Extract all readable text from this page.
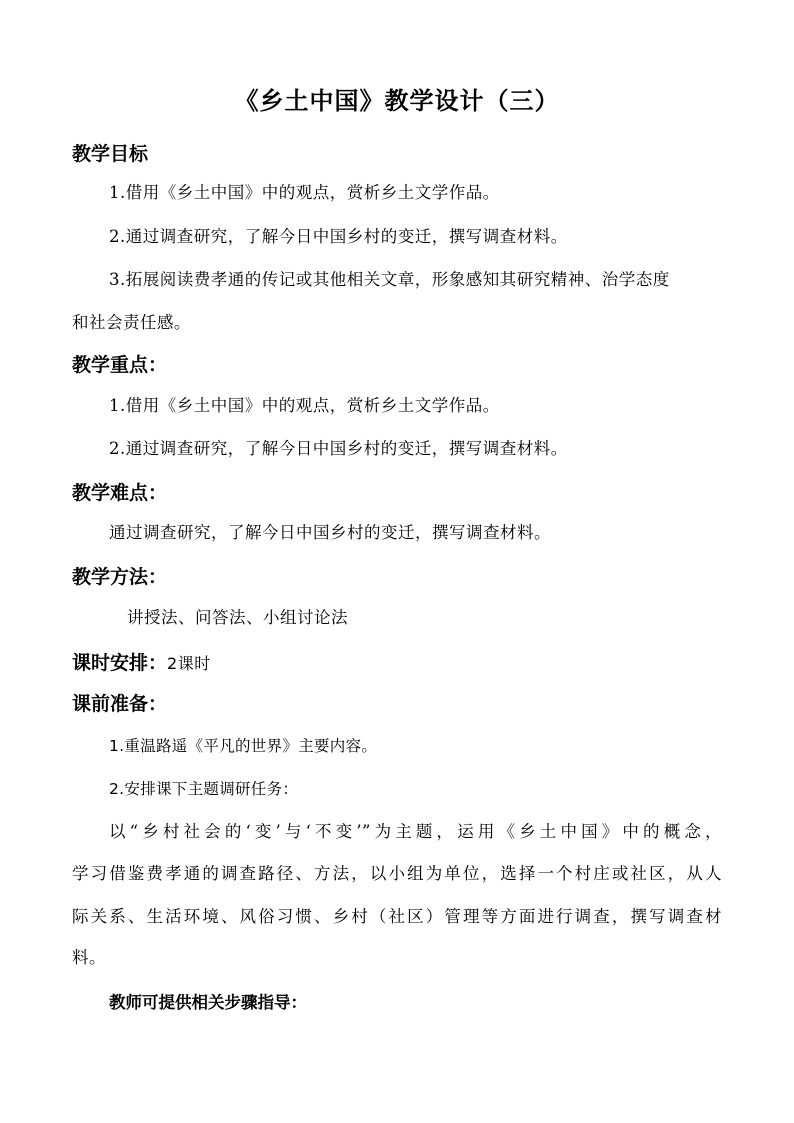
《乡土中国》教学设计（三）
教学目标
1.借用《乡土中国》中的观点，赏析乡土文学作品。
2.通过调查研究，了解今日中国乡村的变迁，撰写调查材料。
3.拓展阅读费孝通的传记或其他相关文章，形象感知其研究精神、治学态度
和社会责任感。
教学重点：
1.借用《乡土中国》中的观点，赏析乡土文学作品。
2.通过调查研究，了解今日中国乡村的变迁，撰写调查材料。
教学难点：
通过调查研究，了解今日中国乡村的变迁，撰写调查材料。
教学方法：
讲授法、问答法、小组讨论法
课时安排：2课时
课前准备：
1.重温路遥《平凡的世界》主要内容。
2.安排课下主题调研任务：
以“乡村社会的‘变’与‘不变’”为主题，运用《乡土中国》中的概念，
学习借鉴费孝通的调查路径、方法，以小组为单位，选择一个村庄或社区，从人
际关系、生活环境、风俗习惯、乡村（社区）管理等方面进行调查，撰写调查材
料。
教师可提供相关步骤指导：
